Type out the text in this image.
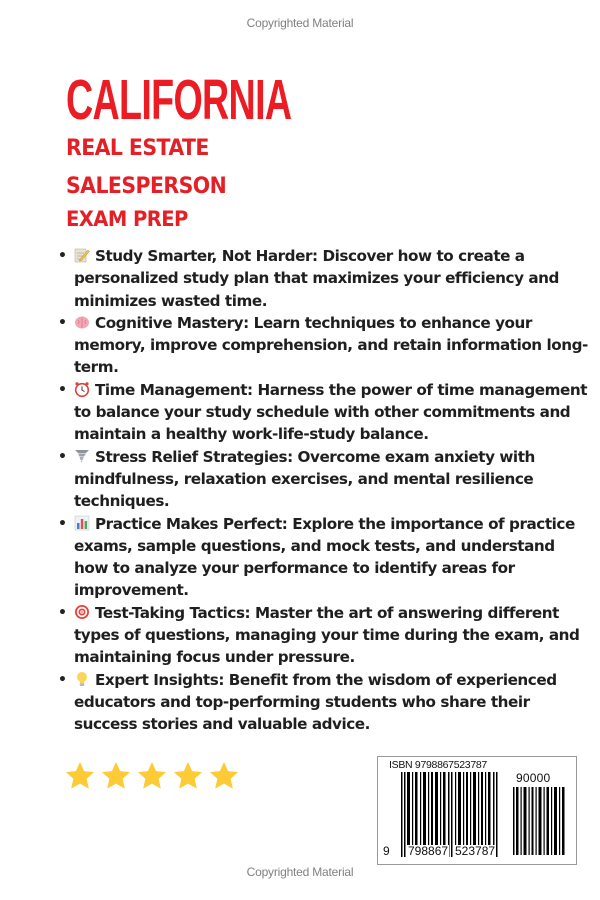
Copyrighted Material
CALIFORNIA
REAL ESTATE
SALESPERSON
EXAM PREP
• Study Smarter, Not Harder: Discover how to create a personalized study plan that maximizes your efficiency and minimizes wasted time.
• Cognitive Mastery: Learn techniques to enhance your memory, improve comprehension, and retain information long-term.
• Time Management: Harness the power of time management to balance your study schedule with other commitments and maintain a healthy work-life-study balance.
• Stress Relief Strategies: Overcome exam anxiety with mindfulness, relaxation exercises, and mental resilience techniques.
• Practice Makes Perfect: Explore the importance of practice exams, sample questions, and mock tests, and understand how to analyze your performance to identify areas for improvement.
• Test-Taking Tactics: Master the art of answering different types of questions, managing your time during the exam, and maintaining focus under pressure.
• Expert Insights: Benefit from the wisdom of experienced educators and top-performing students who share their success stories and valuable advice.
ISBN 9798867523787
90000
9 798867 523787
Copyrighted Material
